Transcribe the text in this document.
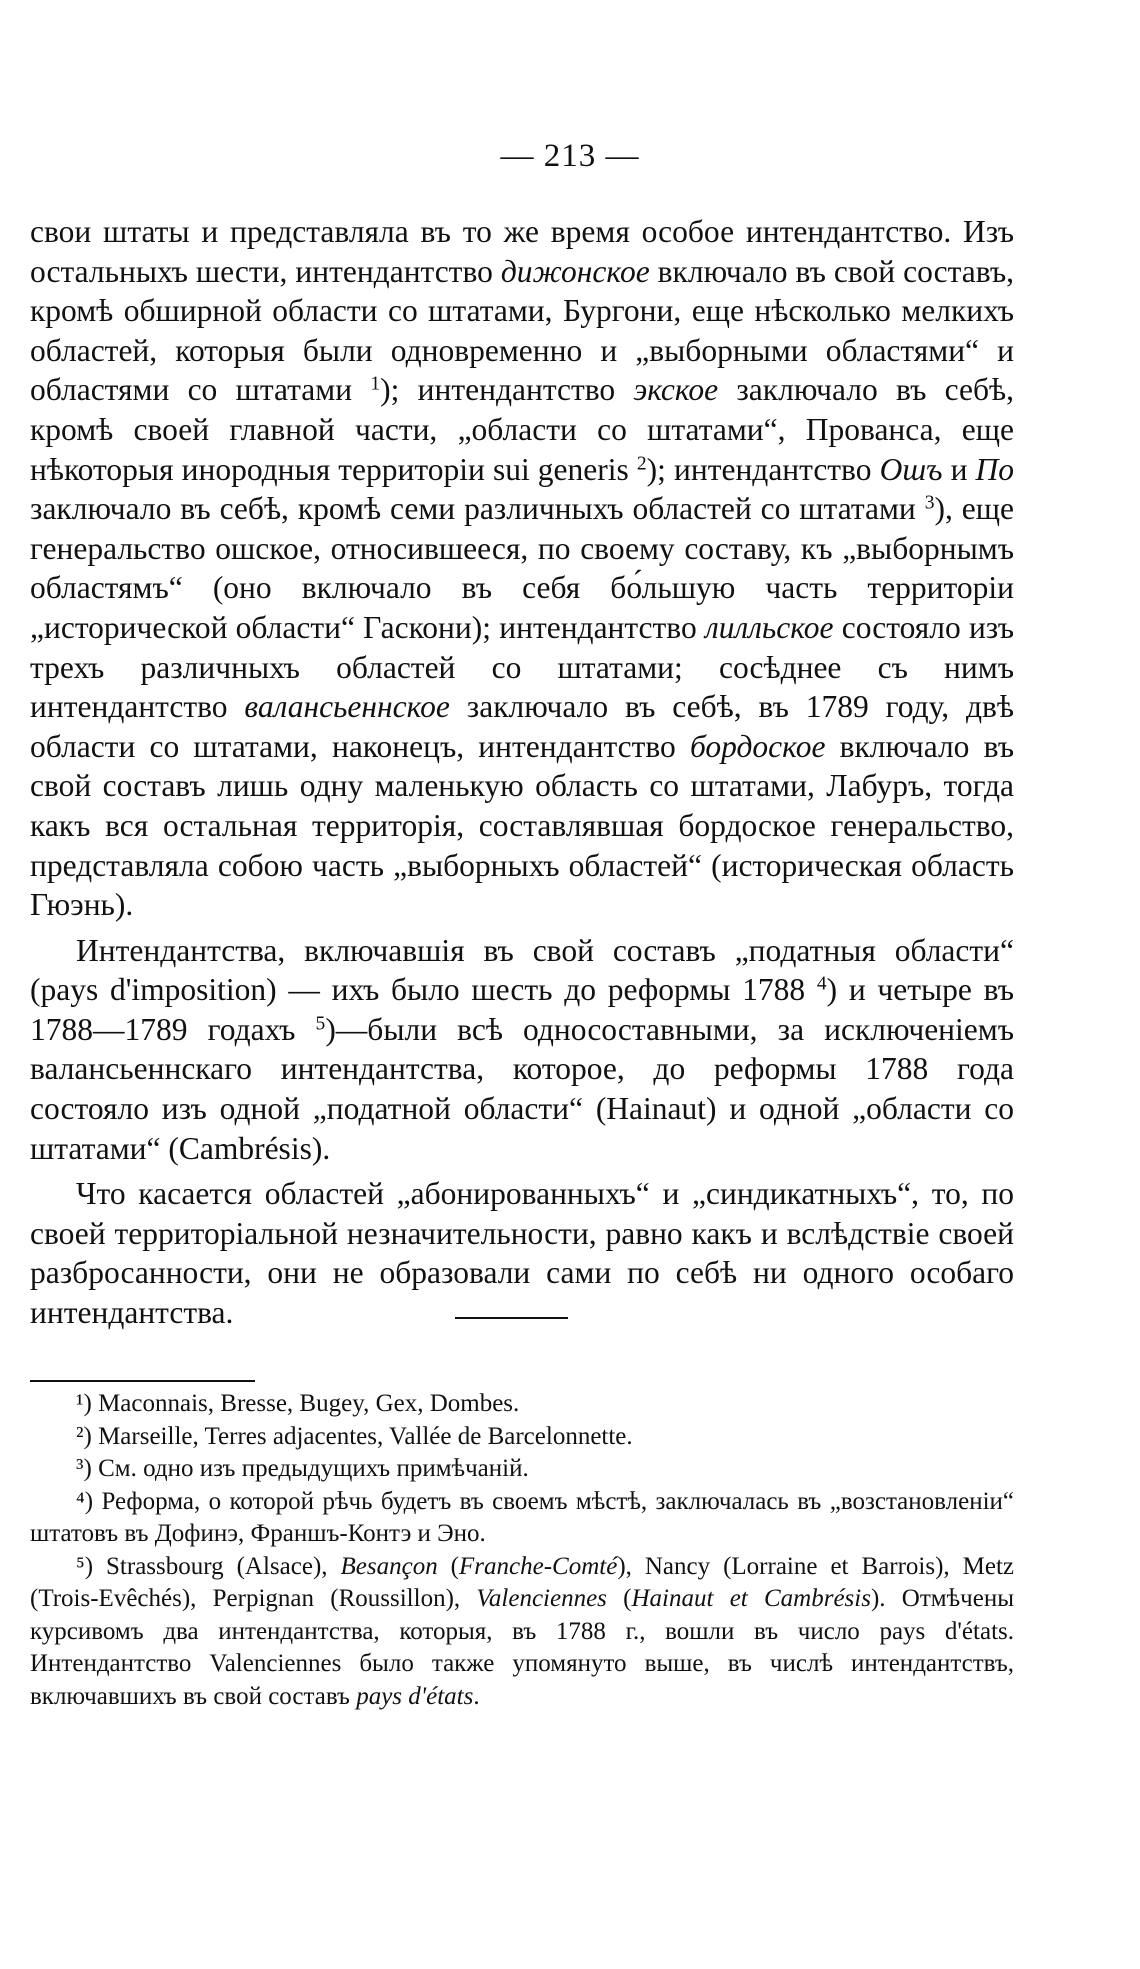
— 213 —

свои штаты и представляла въ то же время особое интендантство. Изъ остальныхъ шести, интендантство дижонское включало въ свой составъ, кромѣ обширной области со штатами, Бургони, еще нѣсколько мелкихъ областей, которыя были одновременно и „выборными областями“ и областями со штатами $^1$); интендантство экское заключало въ себѣ, кромѣ своей главной части, „области со штатами“, Прованса, еще нѣкоторыя инородныя территоріи sui generis $^2$); интендантство Ошъ и По заключало въ себѣ, кромѣ семи различныхъ областей со штатами $^3$), еще генеральство ошское, относившееся, по своему составу, къ „выборнымъ областямъ“ (оно включало въ себя бо́льшую часть территоріи „исторической области“ Гаскони); интендантство лилльское состояло изъ трехъ различныхъ областей со штатами; сосѣднее съ нимъ интендантство валансьеннское заключало въ себѣ, въ 1789 году, двѣ области со штатами, наконецъ, интендантство бордоское включало въ свой составъ лишь одну маленькую область со штатами, Лабуръ, тогда какъ вся остальная территорія, составлявшая бордоское генеральство, представляла собою часть „выборныхъ областей“ (историческая область Гюэнь).

Интендантства, включавшія въ свой составъ „податныя области“ (pays d'imposition) — ихъ было шесть до реформы 1788 $^4$) и четыре въ 1788—1789 годахъ $^5$)—были всѣ односоставными, за исключеніемъ валансьеннскаго интендантства, которое, до реформы 1788 года состояло изъ одной „податной области“ (Hainaut) и одной „области со штатами“ (Cambrésis).

Что касается областей „абонированныхъ“ и „синдикатныхъ“, то, по своей территоріальной незначительности, равно какъ и вслѣдствіе своей разбросанности, они не образовали сами по себѣ ни одного особаго интендантства.

¹) Maconnais, Bresse, Bugey, Gex, Dombes.

²) Marseille, Terres adjacentes, Vallée de Barcelonnette.

³) См. одно изъ предыдущихъ примѣчаній.

⁴) Реформа, о которой рѣчь будетъ въ своемъ мѣстѣ, заключалась въ „возстановленіи“ штатовъ въ Дофинэ, Франшъ-Контэ и Эно.

⁵) Strassbourg (Alsace), Besançon (Franche-Comté), Nancy (Lorraine et Barrois), Metz (Trois-Evêchés), Perpignan (Roussillon), Valenciennes (Hainaut et Cambrésis). Отмѣчены курсивомъ два интендантства, которыя, въ 1788 г., вошли въ число pays d'états. Интендантство Valenciennes было также упомянуто выше, въ числѣ интендантствъ, включавшихъ въ свой составъ pays d'états.
